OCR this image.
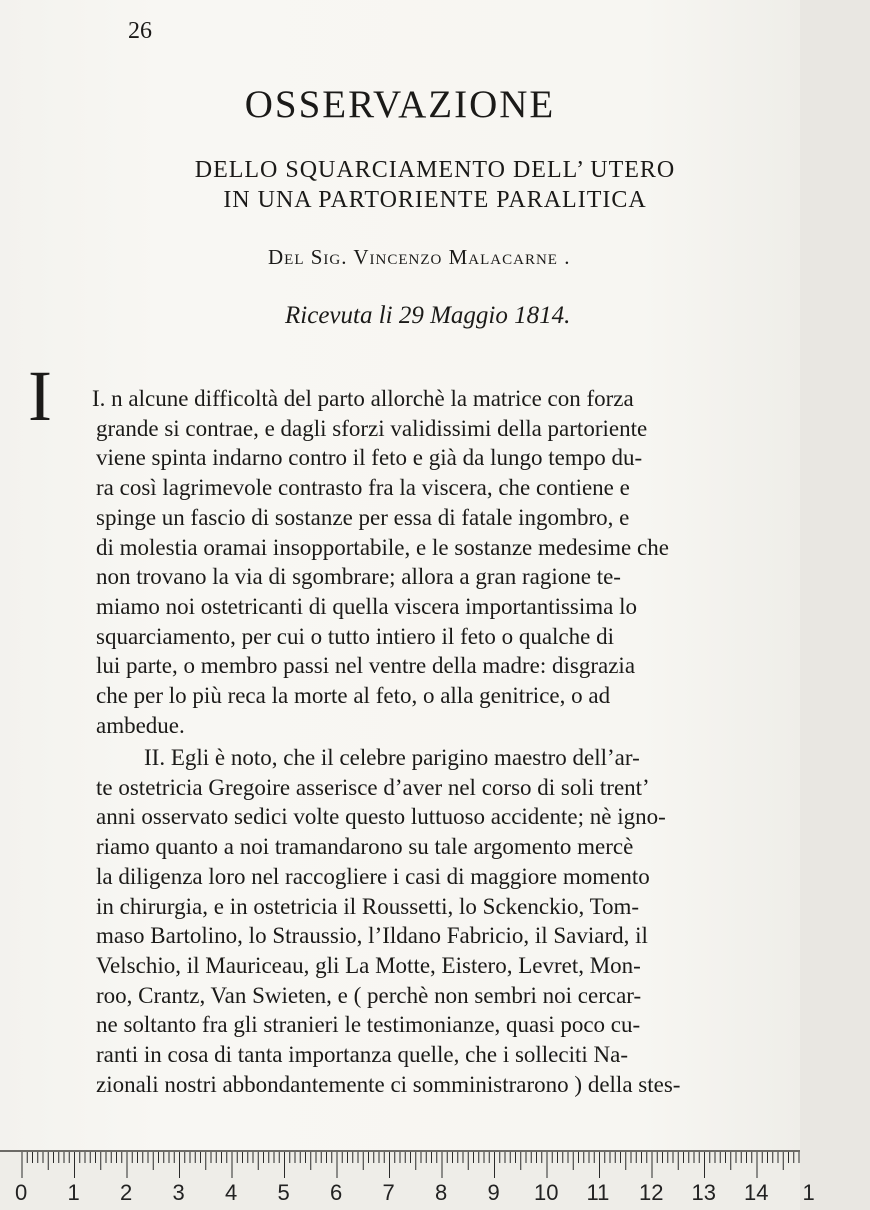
26
OSSERVAZIONE
DELLO SQUARCIAMENTO DELL’ UTERO
IN UNA PARTORIENTE PARALITICA
Del Sig. Vincenzo Malacarne .
Ricevuta li 29 Maggio 1814.
I I. n alcune difficoltà del parto allorchè la matrice con forza
grande si contrae, e dagli sforzi validissimi della partoriente
viene spinta indarno contro il feto e già da lungo tempo du-
ra così lagrimevole contrasto fra la viscera, che contiene e
spinge un fascio di sostanze per essa di fatale ingombro, e
di molestia oramai insopportabile, e le sostanze medesime che
non trovano la via di sgombrare; allora a gran ragione te-
miamo noi ostetricanti di quella viscera importantissima lo
squarciamento, per cui o tutto intiero il feto o qualche di
lui parte, o membro passi nel ventre della madre: disgrazia
che per lo più reca la morte al feto, o alla genitrice, o ad
ambedue.
II. Egli è noto, che il celebre parigino maestro dell’ar-
te ostetricia Gregoire asserisce d’aver nel corso di soli trent’
anni osservato sedici volte questo luttuoso accidente; nè igno-
riamo quanto a noi tramandarono su tale argomento mercè
la diligenza loro nel raccogliere i casi di maggiore momento
in chirurgia, e in ostetricia il Roussetti, lo Sckenckio, Tom-
maso Bartolino, lo Straussio, l’Ildano Fabricio, il Saviard, il
Velschio, il Mauriceau, gli La Motte, Eistero, Levret, Mon-
roo, Crantz, Van Swieten, e ( perchè non sembri noi cercar-
ne soltanto fra gli stranieri le testimonianze, quasi poco cu-
ranti in cosa di tanta importanza quelle, che i solleciti Na-
zionali nostri abbondantemente ci somministrarono ) della stes-
0 1 2 3 4 5 6 7 8 9 10 11 12 13 14 1
